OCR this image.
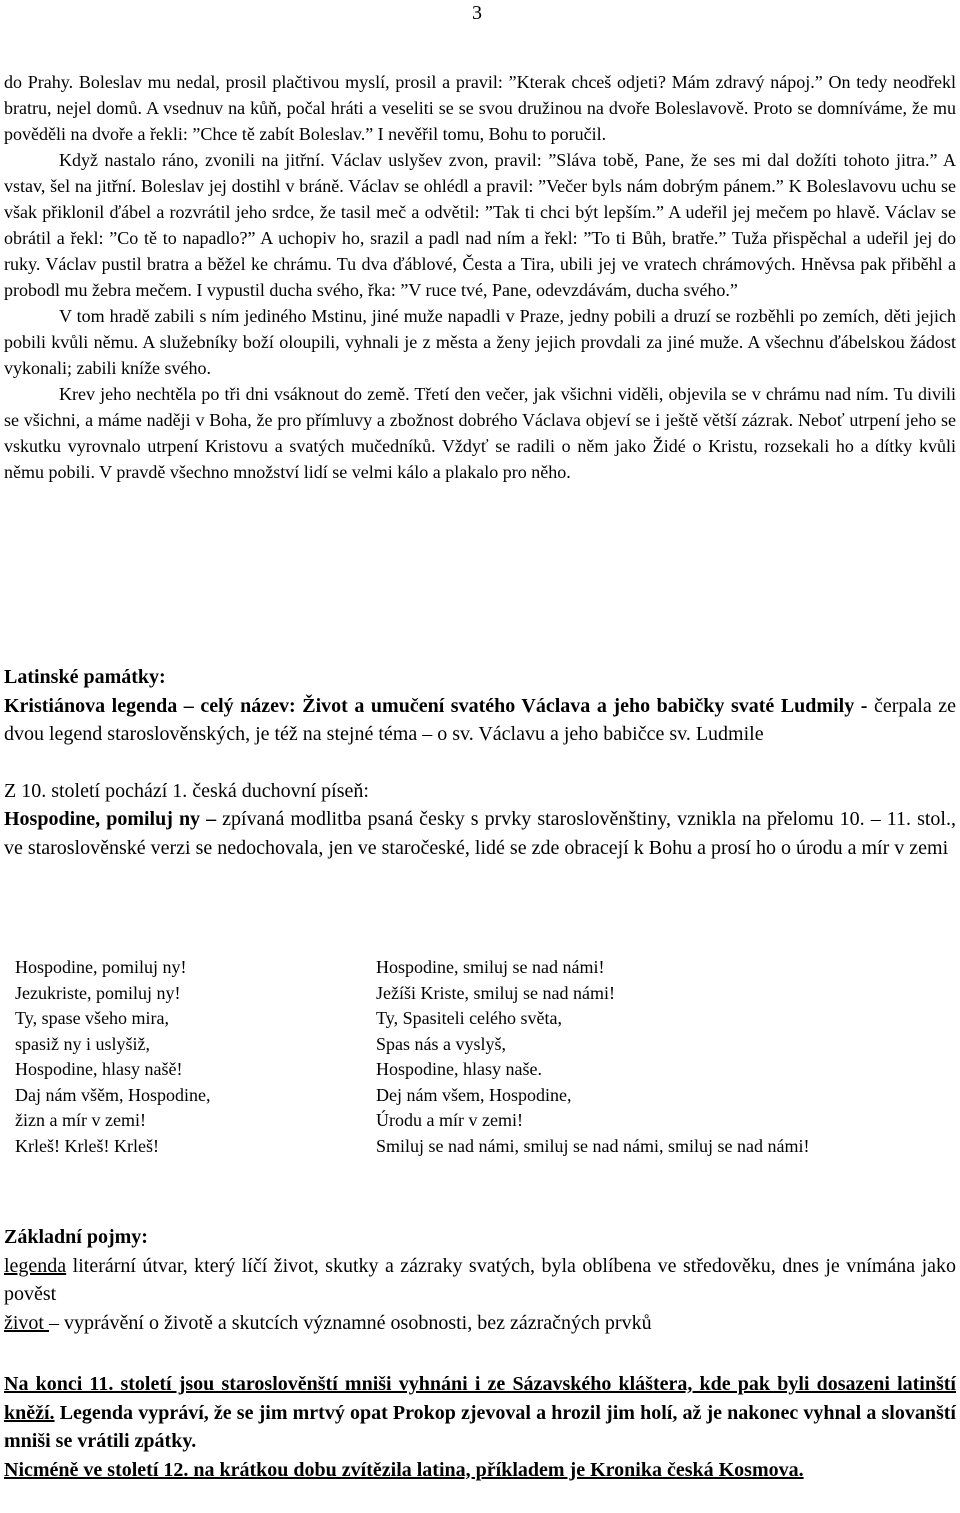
3

do Prahy. Boleslav mu nedal, prosil plačtivou myslí, prosil a pravil: ”Kterak chceš odjeti? Mám zdravý nápoj.” On tedy neodřekl bratru, nejel domů. A vsednuv na kůň, počal hráti a veseliti se se svou družinou na dvoře Boleslavově. Proto se domníváme, že mu pověděli na dvoře a řekli: ”Chce tě zabít Boleslav.” I nevěřil tomu, Bohu to poručil.

Když nastalo ráno, zvonili na jitřní. Václav uslyšev zvon, pravil: ”Sláva tobě, Pane, že ses mi dal dožíti tohoto jitra.” A vstav, šel na jitřní. Boleslav jej dostihl v bráně. Václav se ohlédl a pravil: ”Večer byls nám dobrým pánem.” K Boleslavovu uchu se však přiklonil ďábel a rozvrátil jeho srdce, že tasil meč a odvětil: ”Tak ti chci být lepším.” A udeřil jej mečem po hlavě. Václav se obrátil a řekl: ”Co tě to napadlo?” A uchopiv ho, srazil a padl nad ním a řekl: ”To ti Bůh, bratře.” Tuža přispěchal a udeřil jej do ruky. Václav pustil bratra a běžel ke chrámu. Tu dva ďáblové, Česta a Tira, ubili jej ve vratech chrámových. Hněvsa pak přiběhl a probodl mu žebra mečem. I vypustil ducha svého, řka: ”V ruce tvé, Pane, odevzdávám, ducha svého.”

V tom hradě zabili s ním jediného Mstinu, jiné muže napadli v Praze, jedny pobili a druzí se rozběhli po zemích, děti jejich pobili kvůli němu. A služebníky boží oloupili, vyhnali je z města a ženy jejich provdali za jiné muže. A všechnu ďábelskou žádost vykonali; zabili kníže svého.

Krev jeho nechtěla po tři dni vsáknout do země. Třetí den večer, jak všichni viděli, objevila se v chrámu nad ním. Tu divili se všichni, a máme naději v Boha, že pro přímluvy a zbožnost dobrého Václava objeví se i ještě větší zázrak. Neboť utrpení jeho se vskutku vyrovnalo utrpení Kristovu a svatých mučedníků. Vždyť se radili o něm jako Židé o Kristu, rozsekali ho a dítky kvůli němu pobili. V pravdě všechno množství lidí se velmi kálo a plakalo pro něho.

Latinské památky:

Kristiánova legenda – celý název: Život a umučení svatého Václava a jeho babičky svaté Ludmily - čerpala ze dvou legend staroslověnských, je též na stejné téma – o sv. Václavu a jeho babičce sv. Ludmile

Z 10. století pochází 1. česká duchovní píseň:

Hospodine, pomiluj ny – zpívaná modlitba psaná česky s prvky staroslověnštiny, vznikla na přelomu 10. – 11. stol., ve staroslověnské verzi se nedochovala, jen ve staročeské, lidé se zde obracejí k Bohu a prosí ho o úrodu a mír v zemi

Hospodine, pomiluj ny!
Jezukriste, pomiluj ny!
Ty, spase všeho mira,
spasiž ny i uslyšiž,
Hospodine, hlasy našě!
Daj nám všěm, Hospodine,
žizn a mír v zemi!
Krleš! Krleš! Krleš!
Hospodine, smiluj se nad námi!
Ježíši Kriste, smiluj se nad námi!
Ty, Spasiteli celého světa,
Spas nás a vyslyš,
Hospodine, hlasy naše.
Dej nám všem, Hospodine,
Úrodu a mír v zemi!
Smiluj se nad námi, smiluj se nad námi, smiluj se nad námi!

Základní pojmy:

legenda literární útvar, který líčí život, skutky a zázraky svatých, byla oblíbena ve středověku, dnes je vnímána jako pověst

život – vyprávění o životě a skutcích významné osobnosti, bez zázračných prvků

Na konci 11. století jsou staroslověnští mniši vyhnáni i ze Sázavského kláštera, kde pak byli dosazeni latinští kněží. Legenda vypráví, že se jim mrtvý opat Prokop zjevoval a hrozil jim holí, až je nakonec vyhnal a slovanští mniši se vrátili zpátky.

Nicméně ve století 12. na krátkou dobu zvítězila latina, příkladem je Kronika česká Kosmova.
